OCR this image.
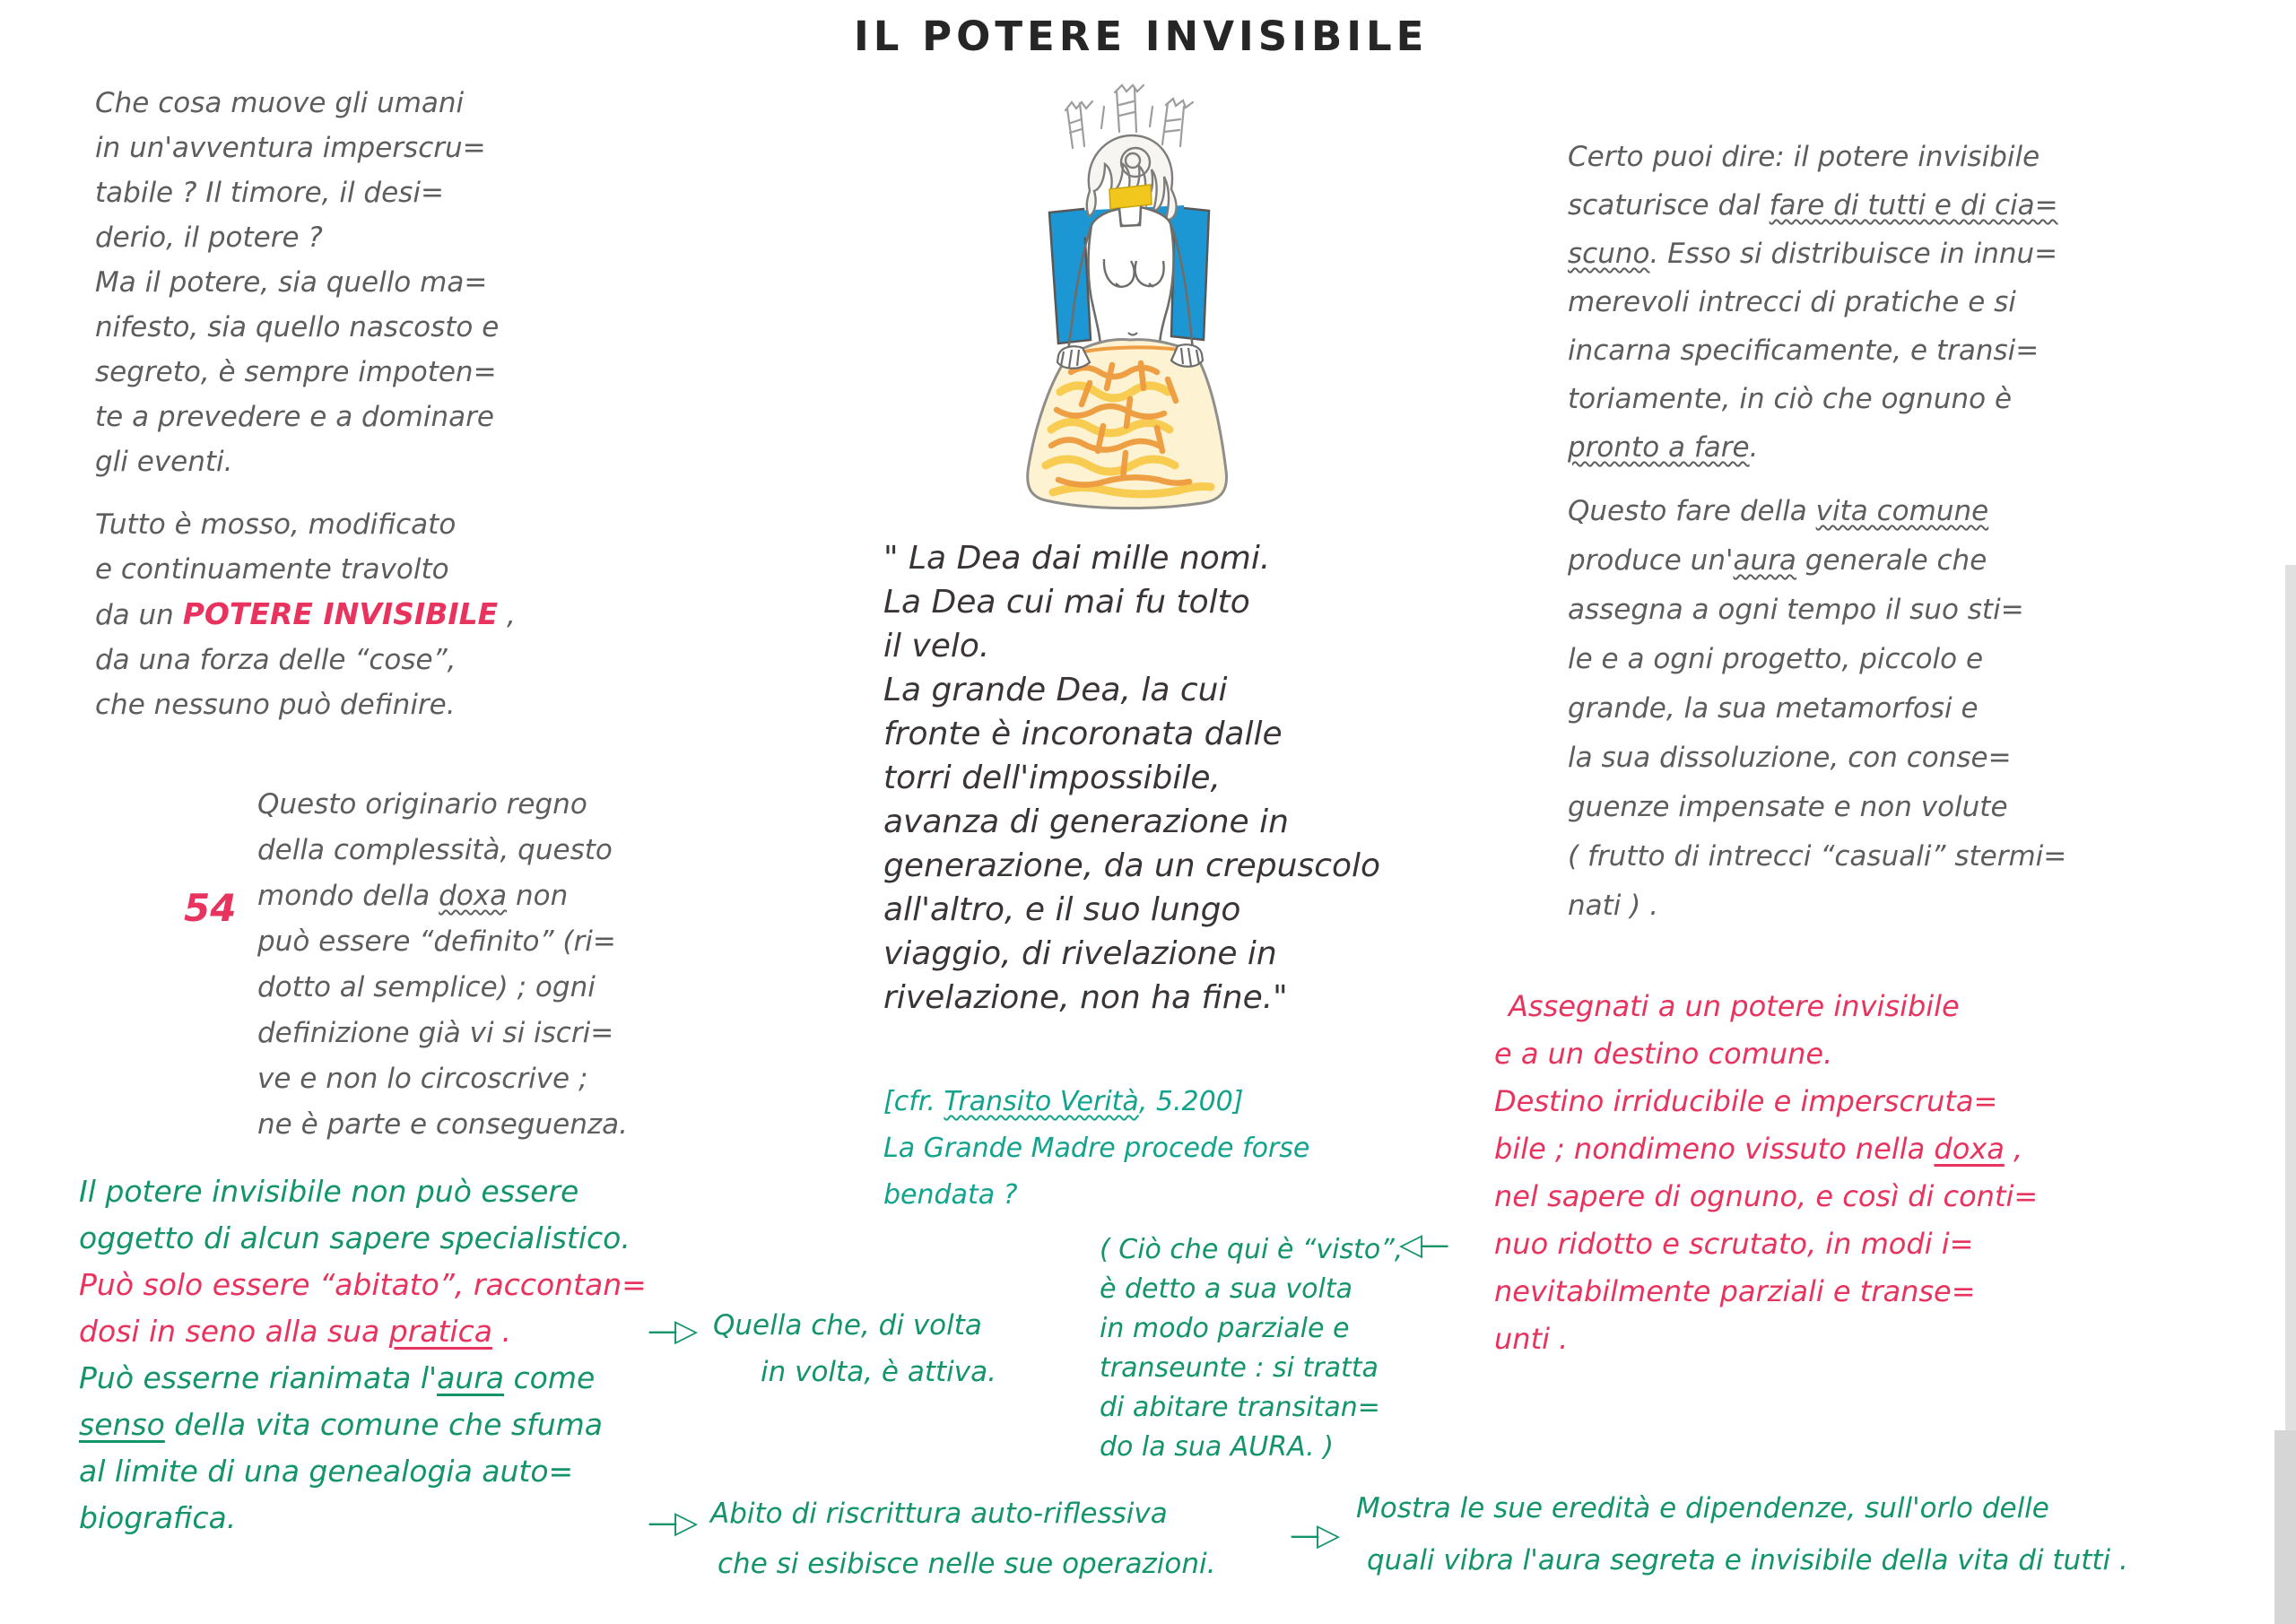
IL POTERE INVISIBILE
Che cosa muove gli umani
in un'avventura imperscru=
tabile ? Il timore, il desi=
derio, il potere ?
Ma il potere, sia quello ma=
nifesto, sia quello nascosto e
segreto, è sempre impoten=
te a prevedere e a dominare
gli eventi.
Tutto è mosso, modificato
e continuamente travolto
da un POTERE INVISIBILE ,
da una forza delle “cose”,
che nessuno può definire.
54
Questo originario regno
della complessità, questo
mondo della doxa non
può essere “definito” (ri=
dotto al semplice) ; ogni
definizione già vi si iscri=
ve e non lo circoscrive ;
ne è parte e conseguenza.
Il potere invisibile non può essere
oggetto di alcun sapere specialistico.
Può solo essere “abitato”, raccontan=
dosi in seno alla sua pratica .
Può esserne rianimata l'aura come
senso della vita comune che sfuma
al limite di una genealogia auto=
biografica.
" La Dea dai mille nomi.
La Dea cui mai fu tolto
il velo.
La grande Dea, la cui
fronte è incoronata dalle
torri dell'impossibile,
avanza di generazione in
generazione, da un crepuscolo
all'altro, e il suo lungo
viaggio, di rivelazione in
rivelazione, non ha fine."
[cfr. Transito Verità, 5.200]
La Grande Madre procede forse
bendata ?
( Ciò che qui è “visto”,
è detto a sua volta
in modo parziale e
transeunte : si tratta
di abitare transitan=
do la sua AURA. )
◁—
Certo puoi dire: il potere invisibile
scaturisce dal fare di tutti e di cia=
scuno. Esso si distribuisce in innu=
merevoli intrecci di pratiche e si
incarna specificamente, e transi=
toriamente, in ciò che ognuno è
pronto a fare.
Questo fare della vita comune
produce un'aura generale che
assegna a ogni tempo il suo sti=
le e a ogni progetto, piccolo e
grande, la sua metamorfosi e
la sua dissoluzione, con conse=
guenze impensate e non volute
( frutto di intrecci “casuali” stermi=
nati ) .
Assegnati a un potere invisibile
e a un destino comune.
Destino irriducibile e imperscruta=
bile ; nondimeno vissuto nella doxa ,
nel sapere di ognuno, e così di conti=
nuo ridotto e scrutato, in modi i=
nevitabilmente parziali e transe=
unti .
—▷ Quella che, di volta
in volta, è attiva.
—▷ Abito di riscrittura auto-riflessiva
che si esibisce nelle sue operazioni.
—▷
Mostra le sue eredità e dipendenze, sull'orlo delle
quali vibra l'aura segreta e invisibile della vita di tutti .
